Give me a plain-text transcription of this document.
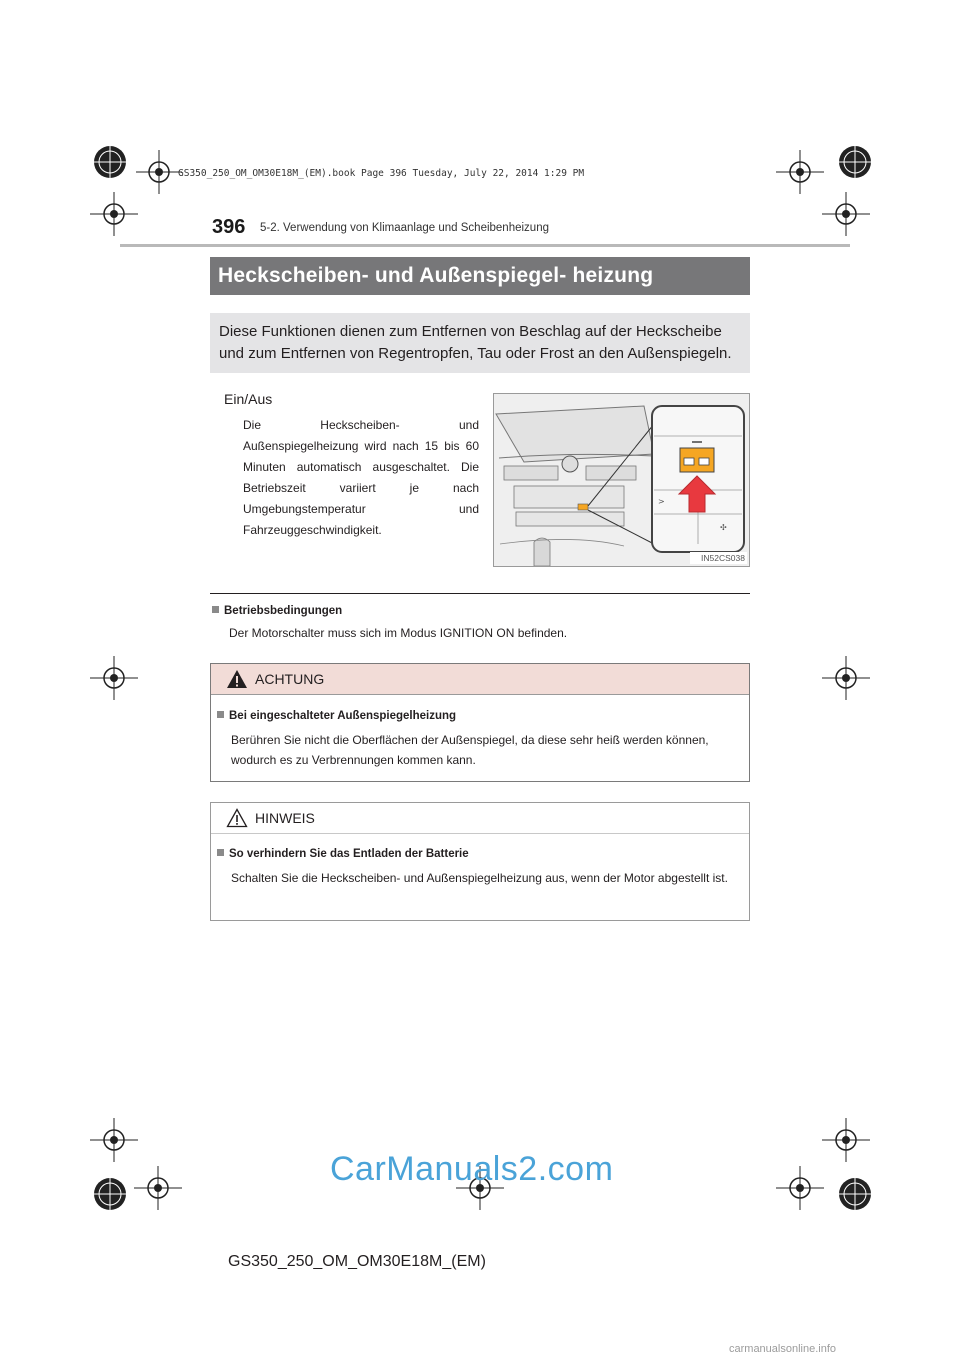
GS350_250_OM_OM30E18M_(EM).book Page 396 Tuesday, July 22, 2014 1:29 PM
396 5-2. Verwendung von Klimaanlage und Scheibenheizung
Heckscheiben- und Außenspiegel- heizung

Diese Funktionen dienen zum Entfernen von Beschlag auf der Heckscheibe und zum Entfernen von Regentropfen, Tau oder Frost an den Außenspiegeln.

Ein/Aus
Die Heckscheiben- und Außenspiegelheizung wird nach 15 bis 60 Minuten automatisch ausgeschaltet. Die Betriebszeit variiert je nach Umgebungstemperatur und Fahrzeuggeschwindigkeit.	✣
>
IN52CS038
Betriebsbedingungen
Der Motorschalter muss sich im Modus IGNITION ON befinden.
ACHTUNG
Bei eingeschalteter Außenspiegelheizung
Berühren Sie nicht die Oberflächen der Außenspiegel, da diese sehr heiß werden können, wodurch es zu Verbrennungen kommen kann.
HINWEIS
So verhindern Sie das Entladen der Batterie
Schalten Sie die Heckscheiben- und Außenspiegelheizung aus, wenn der Motor abgestellt ist.
CarManuals2.com
GS350_250_OM_OM30E18M_(EM)
carmanualsonline.info
